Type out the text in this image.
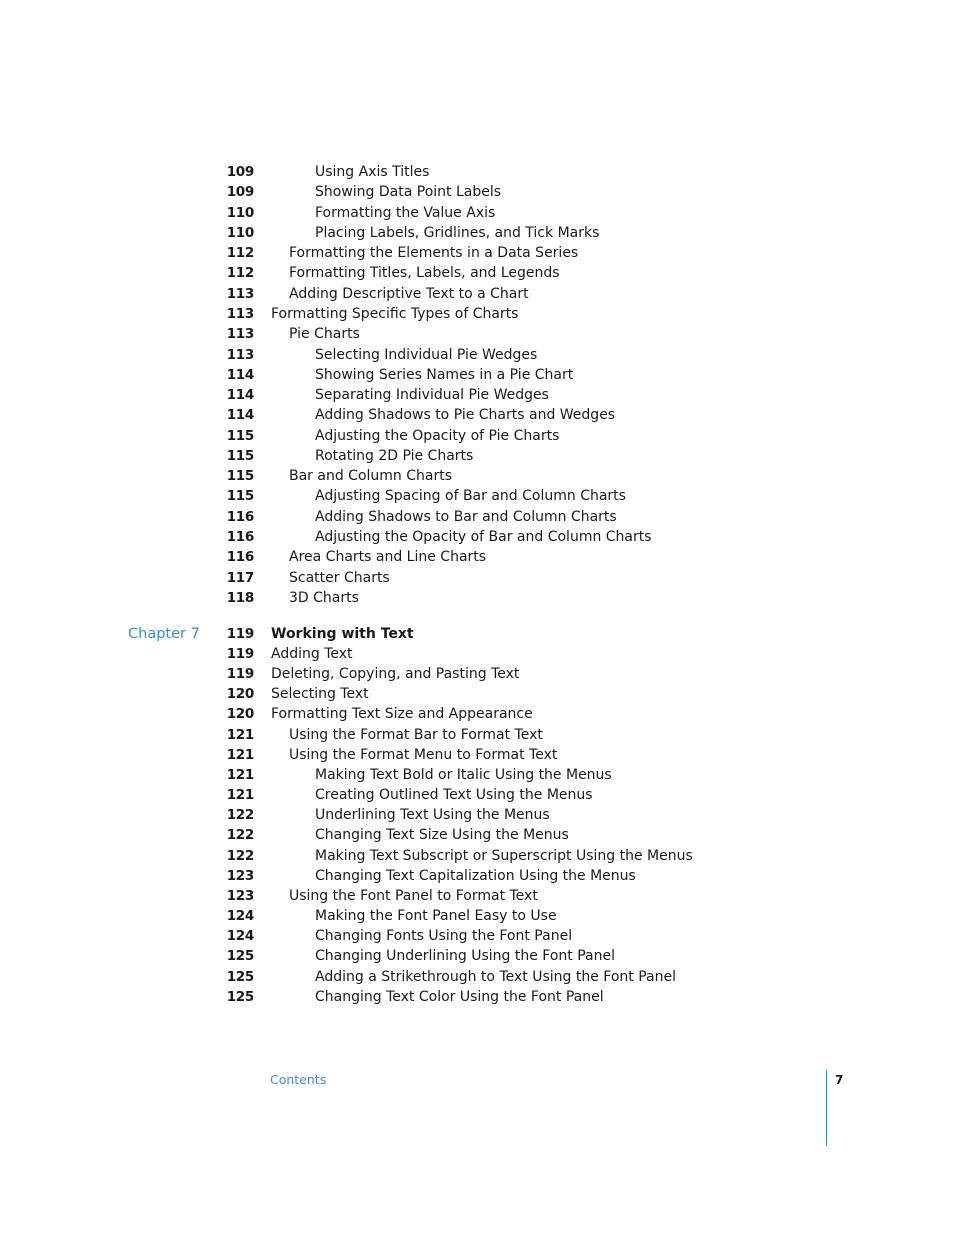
109	Using Axis Titles
109	Showing Data Point Labels
110	Formatting the Value Axis
110	Placing Labels, Gridlines, and Tick Marks
112	Formatting the Elements in a Data Series
112	Formatting Titles, Labels, and Legends
113	Adding Descriptive Text to a Chart
113 Formatting Specific Types of Charts
113	Pie Charts
113	Selecting Individual Pie Wedges
114	Showing Series Names in a Pie Chart
114	Separating Individual Pie Wedges
114	Adding Shadows to Pie Charts and Wedges
115	Adjusting the Opacity of Pie Charts
115	Rotating 2D Pie Charts
115	Bar and Column Charts
115	Adjusting Spacing of Bar and Column Charts
116	Adding Shadows to Bar and Column Charts
116	Adjusting the Opacity of Bar and Column Charts
116	Area Charts and Line Charts
117	Scatter Charts
118	3D Charts
Chapter 7 119 Working with Text
119 Adding Text
119 Deleting, Copying, and Pasting Text
120 Selecting Text
120 Formatting Text Size and Appearance
121	Using the Format Bar to Format Text
121	Using the Format Menu to Format Text
121	Making Text Bold or Italic Using the Menus
121	Creating Outlined Text Using the Menus
122	Underlining Text Using the Menus
122	Changing Text Size Using the Menus
122	Making Text Subscript or Superscript Using the Menus
123	Changing Text Capitalization Using the Menus
123	Using the Font Panel to Format Text
124	Making the Font Panel Easy to Use
124	Changing Fonts Using the Font Panel
125	Changing Underlining Using the Font Panel
125	Adding a Strikethrough to Text Using the Font Panel
125	Changing Text Color Using the Font Panel
Contents	7
